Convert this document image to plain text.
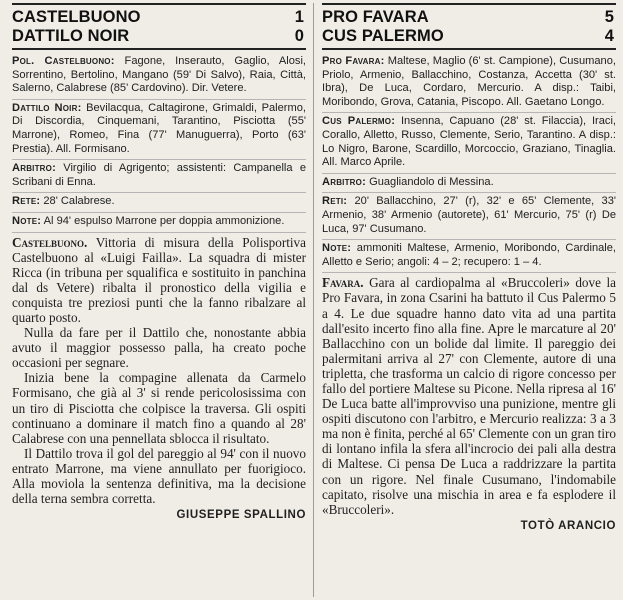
CASTELBUONO	1
DATTILO NOIR	0
Pol. Castelbuono: Fagone, Inserauto, Gaglio, Alosi, Sorrentino, Bertolino, Mangano (59' Di Salvo), Raia, Città, Salerno, Calabrese (85' Cardovino). Dir. Vetere.
Dattilo Noir: Bevilacqua, Caltagirone, Grimaldi, Palermo, Di Discordia, Cinquemani, Tarantino, Pisciotta (55' Marrone), Romeo, Fina (77' Manuguerra), Porto (63' Prestia). All. Formisano.
Arbitro: Virgilio di Agrigento; assistenti: Campanella e Scribani di Enna.
Rete: 28' Calabrese.
Note: Al 94' espulso Marrone per doppia ammonizione.

Castelbuono. Vittoria di misura della Polisportiva Castelbuono al «Luigi Failla». La squadra di mister Ricca (in tribuna per squalifica e sostituito in panchina dal ds Vetere) ribalta il pronostico della vigilia e conquista tre preziosi punti che la fanno ribalzare al quarto posto.

Nulla da fare per il Dattilo che, nonostante abbia avuto il maggior possesso palla, ha creato poche occasioni per segnare.

Inizia bene la compagine allenata da Carmelo Formisano, che già al 3' si rende pericolosissima con un tiro di Pisciotta che colpisce la traversa. Gli ospiti continuano a dominare il match fino a quando al 28' Calabrese con una pennellata sblocca il risultato.

Il Dattilo trova il gol del pareggio al 94' con il nuovo entrato Marrone, ma viene annullato per fuorigioco. Alla moviola la sentenza definitiva, ma la decisione della terna sembra corretta.

GIUSEPPE SPALLINO
PRO FAVARA	5
CUS PALERMO	4
Pro Favara: Maltese, Maglio (6' st. Campione), Cusumano, Priolo, Armenio, Ballacchino, Costanza, Accetta (30' st. Ibra), De Luca, Cordaro, Mercurio. A disp.: Taibi, Moribondo, Grova, Catania, Piscopo. All. Gaetano Longo.
Cus Palermo: Insenna, Capuano (28' st. Filaccia), Iraci, Corallo, Alletto, Russo, Clemente, Serio, Tarantino. A disp.: Lo Nigro, Barone, Scardillo, Morcoccio, Graziano, Tinaglia. All. Marco Aprile.
Arbitro: Guagliandolo di Messina.
Reti: 20' Ballacchino, 27' (r), 32' e 65' Clemente, 33' Armenio, 38' Armenio (autorete), 61' Mercurio, 75' (r) De Luca, 97' Cusumano.
Note: ammoniti Maltese, Armenio, Moribondo, Cardinale, Alletto e Serio; angoli: 4 – 2; recupero: 1 – 4.

Favara. Gara al cardiopalma al «Bruccoleri» dove la Pro Favara, in zona Csarini ha battuto il Cus Palermo 5 a 4. Le due squadre hanno dato vita ad una partita dall'esito incerto fino alla fine. Apre le marcature al 20' Ballacchino con un bolide dal limite. Il pareggio dei palermitani arriva al 27' con Clemente, autore di una tripletta, che trasforma un calcio di rigore concesso per fallo del portiere Maltese su Picone. Nella ripresa al 16' De Luca batte all'improvviso una punizione, mentre gli ospiti discutono con l'arbitro, e Mercurio realizza: 3 a 3 ma non è finita, perché al 65' Clemente con un gran tiro di lontano infila la sfera all'incrocio dei pali alla destra di Maltese. Ci pensa De Luca a raddrizzare la partita con un rigore. Nel finale Cusumano, l'indomabile capitato, risolve una mischia in area e fa esplodere il «Bruccoleri».

TOTÒ ARANCIO
